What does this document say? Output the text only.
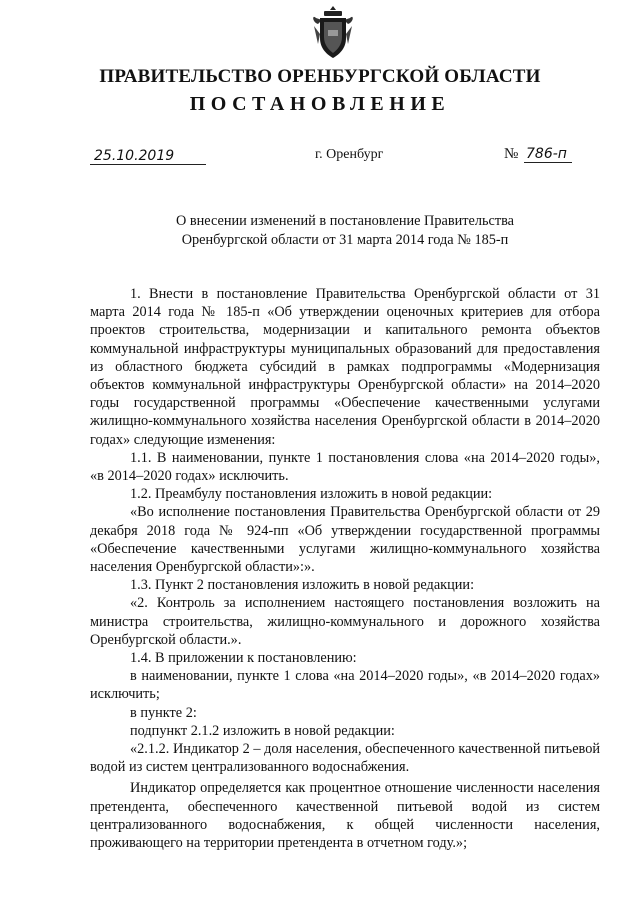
ПРАВИТЕЛЬСТВО ОРЕНБУРГСКОЙ ОБЛАСТИ
ПОСТАНОВЛЕНИЕ
25.10.2019	г. Оренбург	№ 786-п
О внесении изменений в постановление Правительства
Оренбургской области от 31 марта 2014 года № 185-п

1. Внести в постановление Правительства Оренбургской области от 31 марта 2014 года № 185-п «Об утверждении оценочных критериев для отбора проектов строительства, модернизации и капитального ремонта объектов коммунальной инфраструктуры муниципальных образований для предоставления из областного бюджета субсидий в рамках подпрограммы «Модернизация объектов коммунальной инфраструктуры Оренбургской области» на 2014–2020 годы государственной программы «Обеспечение качественными услугами жилищно-коммунального хозяйства населения Оренбургской области в 2014–2020 годах» следующие изменения:

1.1. В наименовании, пункте 1 постановления слова «на 2014–2020 годы», «в 2014–2020 годах» исключить.

1.2. Преамбулу постановления изложить в новой редакции:

«Во исполнение постановления Правительства Оренбургской области от 29 декабря 2018 года № 924-пп «Об утверждении государственной программы «Обеспечение качественными услугами жилищно-коммунального хозяйства населения Оренбургской области»:».

1.3. Пункт 2 постановления изложить в новой редакции:

«2. Контроль за исполнением настоящего постановления возложить на министра строительства, жилищно-коммунального и дорожного хозяйства Оренбургской области.».

1.4. В приложении к постановлению:

в наименовании, пункте 1 слова «на 2014–2020 годы», «в 2014–2020 годах» исключить;

в пункте 2:

подпункт 2.1.2 изложить в новой редакции:

«2.1.2. Индикатор 2 – доля населения, обеспеченного качественной питьевой водой из систем централизованного водоснабжения.

Индикатор определяется как процентное отношение численности населения претендента, обеспеченного качественной питьевой водой из систем централизованного водоснабжения, к общей численности населения, проживающего на территории претендента в отчетном году.»;
